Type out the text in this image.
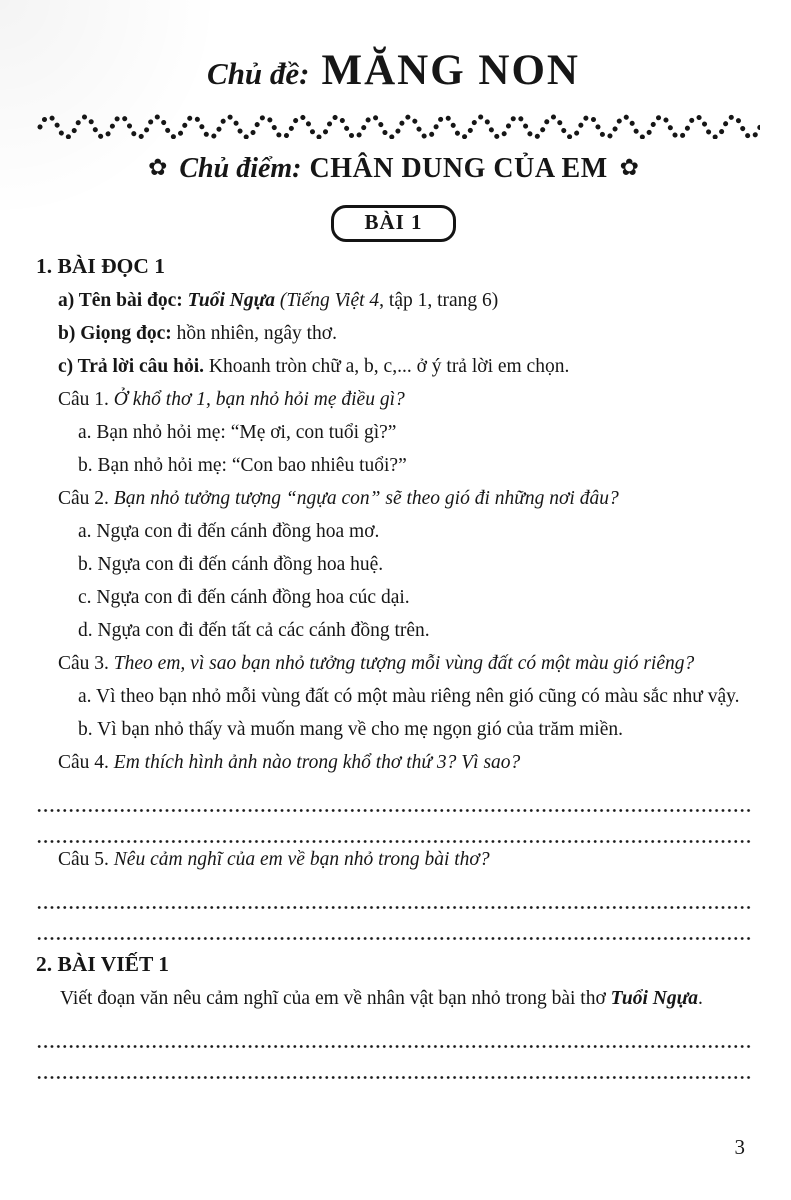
Chủ đề: MĂNG NON
✿ Chủ điểm: CHÂN DUNG CỦA EM ✿
BÀI 1
1. BÀI ĐỌC 1

a) Tên bài đọc: Tuổi Ngựa (Tiếng Việt 4, tập 1, trang 6)

b) Giọng đọc: hồn nhiên, ngây thơ.

c) Trả lời câu hỏi. Khoanh tròn chữ a, b, c,... ở ý trả lời em chọn.

Câu 1. Ở khổ thơ 1, bạn nhỏ hỏi mẹ điều gì?

a. Bạn nhỏ hỏi mẹ: “Mẹ ơi, con tuổi gì?”
b. Bạn nhỏ hỏi mẹ: “Con bao nhiêu tuổi?”

Câu 2. Bạn nhỏ tưởng tượng “ngựa con” sẽ theo gió đi những nơi đâu?

a. Ngựa con đi đến cánh đồng hoa mơ.
b. Ngựa con đi đến cánh đồng hoa huệ.
c. Ngựa con đi đến cánh đồng hoa cúc dại.
d. Ngựa con đi đến tất cả các cánh đồng trên.

Câu 3. Theo em, vì sao bạn nhỏ tưởng tượng mỗi vùng đất có một màu gió riêng?

a. Vì theo bạn nhỏ mỗi vùng đất có một màu riêng nên gió cũng có màu sắc như vậy.
b. Vì bạn nhỏ thấy và muốn mang về cho mẹ ngọn gió của trăm miền.

Câu 4. Em thích hình ảnh nào trong khổ thơ thứ 3? Vì sao?

Câu 5. Nêu cảm nghĩ của em về bạn nhỏ trong bài thơ?

2. BÀI VIẾT 1

Viết đoạn văn nêu cảm nghĩ của em về nhân vật bạn nhỏ trong bài thơ Tuổi Ngựa.

3
